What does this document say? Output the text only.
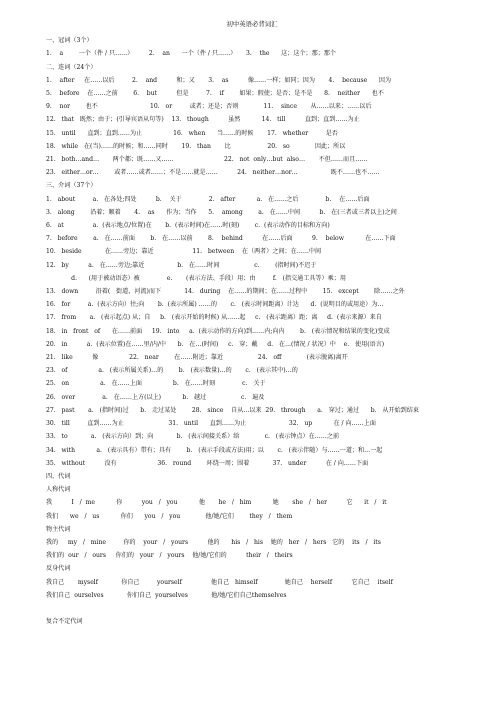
初中英语必背词汇
一、冠词（3个）
1.    a        一个（件 / 只……）        2.    an      一个（件 / 只……）     3.    the      这；这个；那；那个
二、连词（24个）
1.    after     在……以后         2.    and          和；又       3.    as          像……一样；如同；因为       4.    because      因为
5.    before    在……之前        6.    but          但是         7.    if        如果；假使；是否；是不是      8.    neither      也不
9.    nor        也不                           10.   or         或者；还是；否则             11.    since       从……以来；……以后
12.   that   既然；由于；(引导宾语从句等)    13.   though          虽然           14.   till          直到；直到……为止
15.   until      直到；直到……为止                16.   when      当……的时候       17.   whether         是否
18.   while   在(当)……的时候；和……同时       19.   than       比                   20.   so             因此；所以
21.   both…and…       两个都；既……又……                          22.   not  only…but  also…       不但……而且……
23.   either…or…        或者……或者……；不是……就是……          24.   neither…nor…                 既不……也不……
三、介词（37个）
1.   about         a.   在各处;四处          b.    关于              2.   after           a.   在……之后              b.    在……后面
3.   along        沿着；顺着       4.    as      作为；当作      5.    among        a.   在……中间          b.   在(三者或三者以上)之间
6.   at               a.  (表示地点/位置)在       b.  (表示时间)在……时(刻)        c.  (表示动作的目标和方向)
7.   before        a.   在……前面        b.   在……以前        8.    behind          在……后面          9.    below           在……下面
10.   beside            在……旁边；靠近                    11.   between    在（两者）之间；在……中间
12.   by          a.   在……旁边;靠近                 b.   在……时间                  c.        (指时间)不迟于
d.      (用于被动语态）被              e.       (表示方法、手段）用；由         f.   (指交通工具等）乘；用
13.   down         沿着(   街道、河流)而下            14.   during    在……的期间；在……过程中        15.   except        除……之外
16.   for         a.  (表示方向）往;向       b.  (表示所属) ……的       c.   (表示时间距离）计达      d.  (说明目的或用途）为…
17.   from       a.   (表示起点) 从；自     b.   (表示开始的时候) 从……起     c.   (表示距离）距；离     d.  (表示来源）来自
18.   in   front   of      在……前面     19.   into     a.  (表示动作的方向)到……内;向内        b.   (表示情况和结果的变化)变成
20.   in          a.  (表示位置)在……里/内/中      b.   在…(时间)     c.   穿；戴     d.   在…(情况 / 状况）中    e.   使用(语言)
21.   like          像                22.   near        在……附近；靠近                  24.   off             (表示脱离)离开
23.   of                a.   (表示所属关系)…的        b.   (表示数量)…的       c.   (表示其中)…的
25.   on                a.   在……上面                b.   在……时刻              c.   关于
26.   over              a.   在……上方(以上)           b.   越过                  c.   遍及
27.   past       a.   (指时间)过      b.   走过某处        28.   since    自从…以来  29.   through      a.   穿过；通过      b.   从开始到结束
30.   till         直到……为止                       31.   until      直到……为止                      32.   up           在 / 向……上面
33.   to            a.   (表示方向）到；向            b.   (表示间接关系）给             c.   (表示钟点）在……之前
34.   with           a.   (表示具有）带有；具有        b.   (表示手段或方法)用；以       c.   (表示伴随）与……一道；和…一起
35.   without          没有                     36.   round        环绕一周；围着            37.   under          在 / 向……下面
四、代词
人称代词
我          I   /  me           你          you   /   you           他       he   /   him           她       she   /   her          它      it   /   it
我们      we   /   us           你们      you   /   you             他/她/它们        they   /   them
物主代词
我的     my   /   mine         你的    your   /   yours          他的      his   /   his    她的   her   /   hers   它的    its   /   its
我们的  our   /   ours     你们的   your   /   yours    他/她/它们的          their   /   theirs
反身代词
我自己       myself            你自己         yourself               他自己   himself              她自己    herself          它自己    itself
我们自己  ourselves            你们自己  yourselves            他/她/它们自己themselves

复合不定代词
